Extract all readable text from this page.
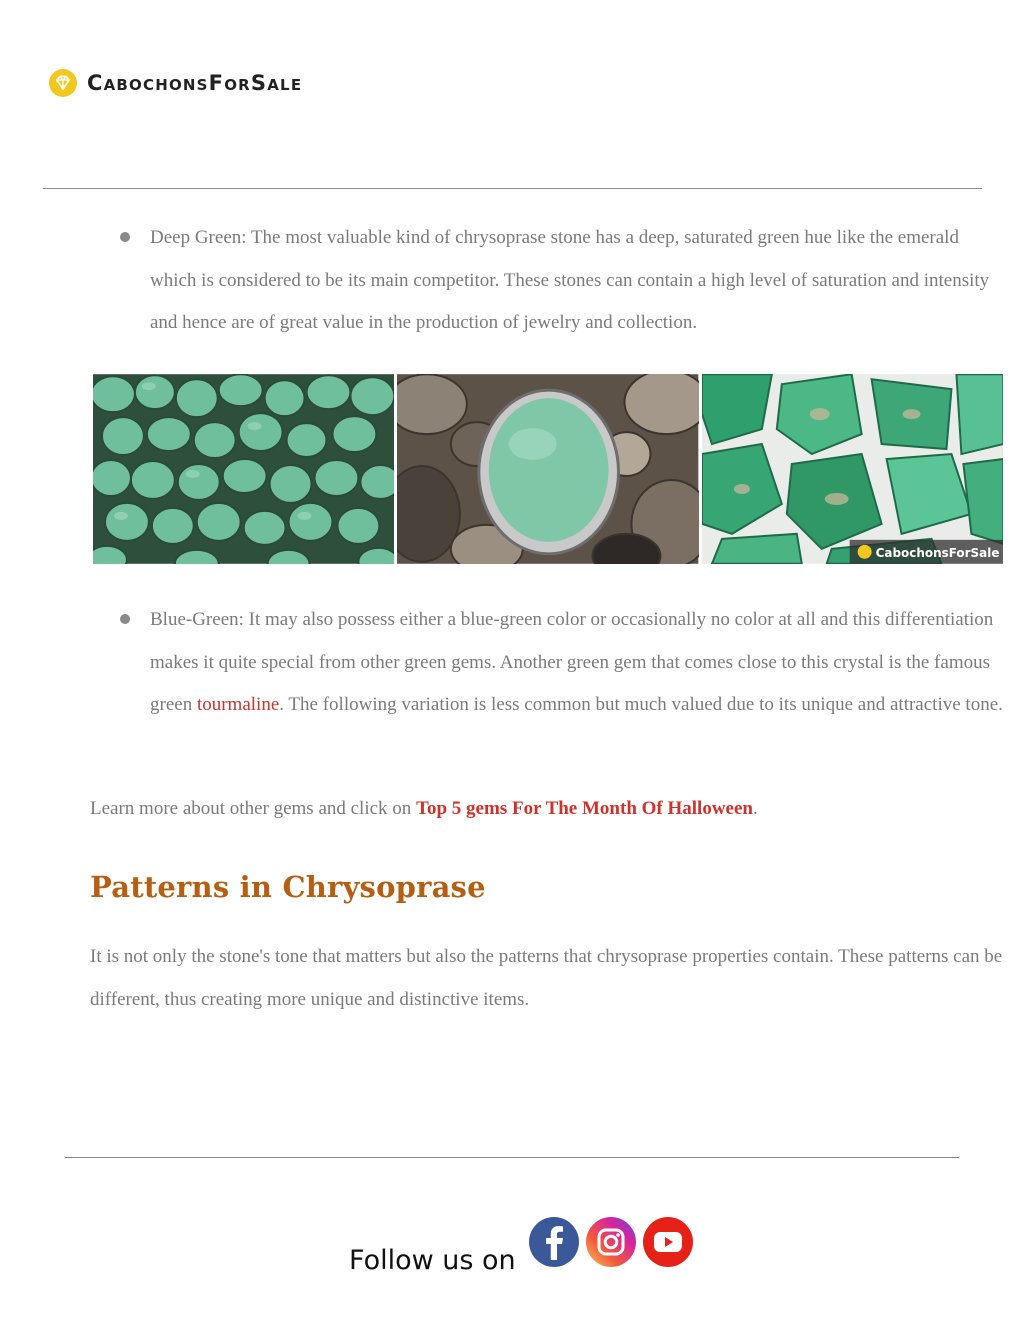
CabochonsForSale
Deep Green: The most valuable kind of chrysoprase stone has a deep, saturated green hue like the emerald which is considered to be its main competitor. These stones can contain a high level of saturation and intensity and hence are of great value in the production of jewelry and collection.
CabochonsForSale
Blue-Green: It may also possess either a blue-green color or occasionally no color at all and this differentiation makes it quite special from other green gems. Another green gem that comes close to this crystal is the famous green tourmaline. The following variation is less common but much valued due to its unique and attractive tone.
Learn more about other gems and click on Top 5 gems For The Month Of Halloween.
Patterns in Chrysoprase
It is not only the stone's tone that matters but also the patterns that chrysoprase properties contain. These patterns can be different, thus creating more unique and distinctive items.
Follow us on
